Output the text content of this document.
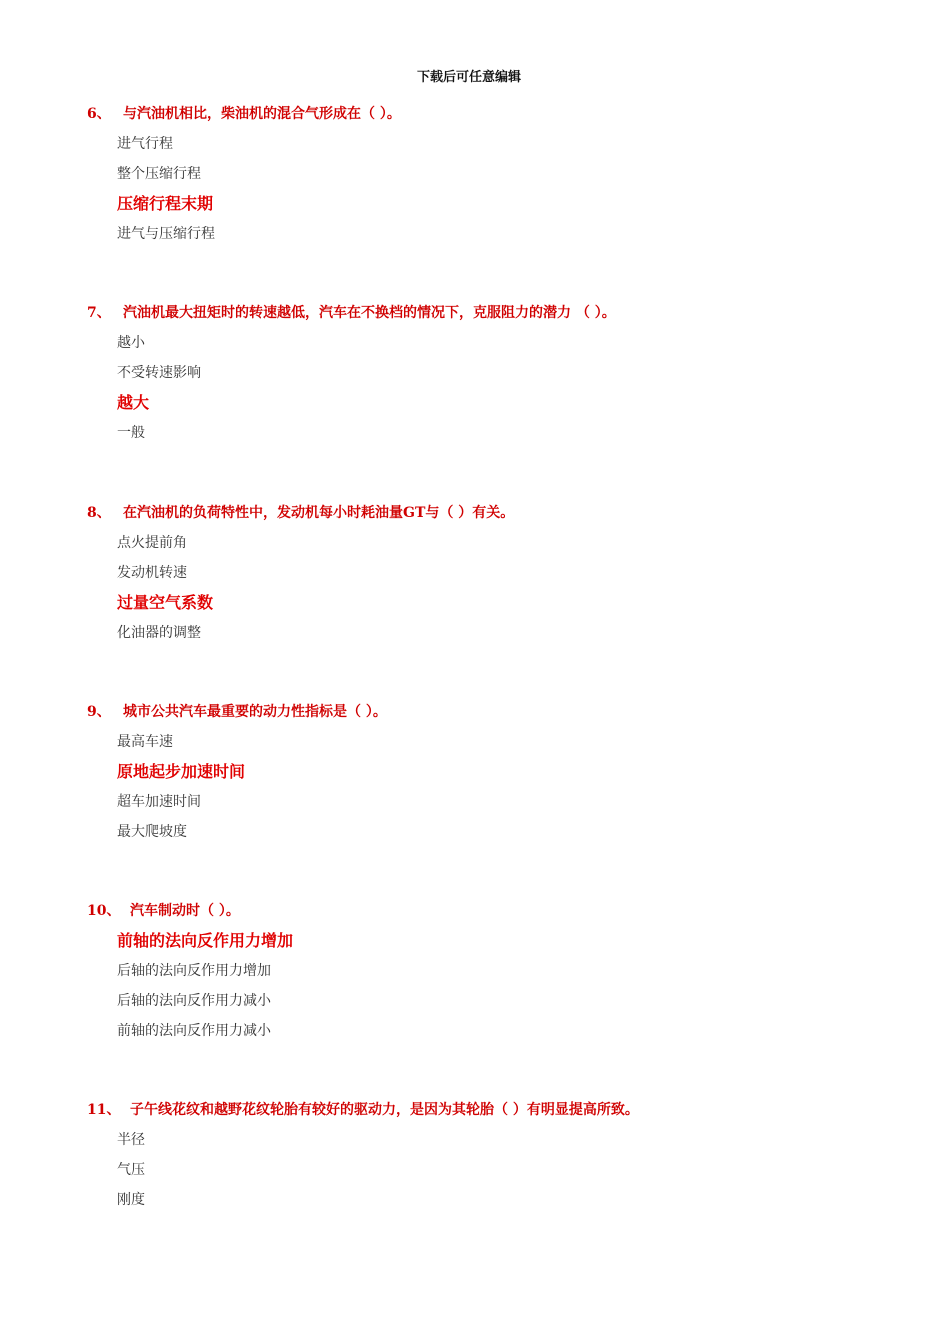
下载后可任意编辑
6、 与汽油机相比，柴油机的混合气形成在（ ）。
进气行程
整个压缩行程
压缩行程末期
进气与压缩行程
7、 汽油机最大扭矩时的转速越低，汽车在不换档的情况下，克服阻力的潜力 （ ）。
越小
不受转速影响
越大
一般
8、 在汽油机的负荷特性中，发动机每小时耗油量GT与（ ）有关。
点火提前角
发动机转速
过量空气系数
化油器的调整
9、 城市公共汽车最重要的动力性指标是（ ）。
最高车速
原地起步加速时间
超车加速时间
最大爬坡度
10、 汽车制动时（ ）。
前轴的法向反作用力增加
后轴的法向反作用力增加
后轴的法向反作用力减小
前轴的法向反作用力减小
11、 子午线花纹和越野花纹轮胎有较好的驱动力，是因为其轮胎（ ）有明显提高所致。
半径
气压
刚度
